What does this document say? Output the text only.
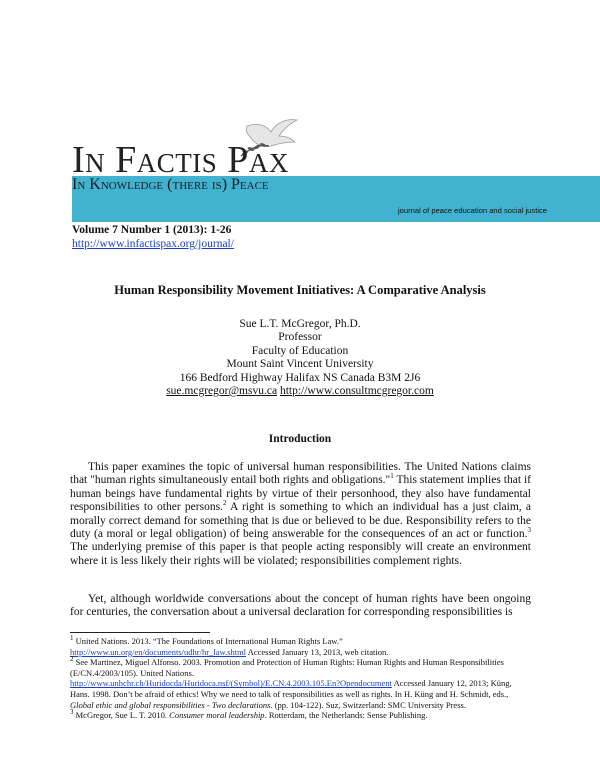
In Factis Pax
In Knowledge (there is) Peace
journal of peace education and social justice
Volume 7 Number 1 (2013): 1-26
http://www.infactispax.org/journal/
Human Responsibility Movement Initiatives: A Comparative Analysis
Sue L.T. McGregor, Ph.D.
Professor
Faculty of Education
Mount Saint Vincent University
166 Bedford Highway Halifax NS Canada B3M 2J6
sue.mcgregor@msvu.ca http://www.consultmcgregor.com
Introduction
This paper examines the topic of universal human responsibilities. The United Nations claims that "human rights simultaneously entail both rights and obligations."$^1$ This statement implies that if human beings have fundamental rights by virtue of their personhood, they also have fundamental responsibilities to other persons.$^2$ A right is something to which an individual has a just claim, a morally correct demand for something that is due or believed to be due. Responsibility refers to the duty (a moral or legal obligation) of being answerable for the consequences of an act or function.$^3$ The underlying premise of this paper is that people acting responsibly will create an environment where it is less likely their rights will be violated; responsibilities complement rights.
Yet, although worldwide conversations about the concept of human rights have been ongoing for centuries, the conversation about a universal declaration for corresponding responsibilities is

$^1$ United Nations. 2013. “The Foundations of International Human Rights Law.”
http://www.un.org/en/documents/udhr/hr_law.shtml Accessed January 13, 2013, web citation.

$^2$ See Martinez, Miguel Alfonso. 2003. Promotion and Protection of Human Rights: Human Rights and Human Responsibilities (E/CN.4/2003/105). United Nations.
http://www.unhchr.ch/Huridocda/Huridoca.nsf/(Symbol)/E.CN.4.2003.105.En?Opendocument Accessed January 12, 2013; Küng, Hans. 1998. Don’t be afraid of ethics! Why we need to talk of responsibilities as well as rights. In H. Küng and H. Schmidt, eds., Global ethic and global responsibilities - Two declarations. (pp. 104-122). Suz, Switzerland: SMC University Press.

$^3$ McGregor, Sue L. T. 2010. Consumer moral leadership. Rotterdam, the Netherlands: Sense Publishing.
